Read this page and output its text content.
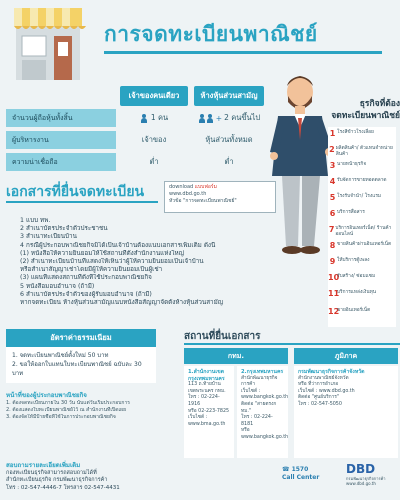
การจดทะเบียนพาณิชย์
เจ้าของคนเดียว	ห้างหุ้นส่วนสามัญ
จำนวนผู้ถือหุ้นทั้งสิ้น	1 คน	+ 2 คนขึ้นไป
ผู้บริหารงาน	เจ้าของ	หุ้นส่วนทั้งหมด
ความน่าเชื่อถือ	ต่ำ	ต่ำ
ธุรกิจที่ต้อง
จดทะเบียนพาณิชย์
1 โรงสีข้าวโรงเลื่อย
2 ผลิตสินค้า/ ตัวแทนจำหน่ายสินค้า
3 นายหน้าธุรกิจ
4 รับจัดการขายทอดตลาด
5 โรงรับจำนำ/ โรงแรม
6 บริการสื่อสาร
7 บริการอินเทอร์เน็ต/ ร้านค้าออนไลน์
8 ขายสินค้าผ่านอินเทอร์เน็ต
9 ให้บริการตู้เพลง
10
รับสร้าง/ ซ่อมแซม
11
บริการแหล่งเงินทุน
12
ขายอินเทอร์เน็ต
เอกสารที่ยื่นจดทะเบียน	download แบบฟอร์ม
www.dbd.go.th
หัวข้อ "การจดทะเบียนพาณิชย์"
1 แบบ ทพ.
2 สำเนาบัตรประจำตัวประชาชน
3 สำเนาทะเบียนบ้าน
4 กรณีผู้ประกอบพาณิชยกิจมิได้เป็นเจ้าบ้านต้องแนบเอกสารเพิ่มเติม ดังนี้
(1) หนังสือให้ความยินยอมให้ใช้สถานที่ตั้งสำนักงานแห่งใหญ่
(2) สำเนาทะเบียนบ้านที่แสดงให้เห็นว่าผู้ให้ความยินยอมเป็นเจ้าบ้าน
หรือสำเนาสัญญาเช่าโดยมีผู้ให้ความยินยอมเป็นผู้เช่า
(3) แผนที่แสดงสถานที่ตั้งที่ใช้ประกอบพาณิชยกิจ
5 หนังสือมอบอำนาจ (ถ้ามี)
6 สำเนาบัตรประจำตัวของผู้รับมอบอำนาจ (ถ้ามี)
หากจดทะเบียน ห้างหุ้นส่วนสามัญแนบหนังสือสัญญาจัดตั้งห้างหุ้นส่วนสามัญ
อัตราค่าธรรมเนียม
1. จดทะเบียนพาณิชย์ตั้งใหม่ 50 บาท
2. ขอให้ออกใบแทนใบทะเบียนพาณิชย์ ฉบับละ 30 บาท
หน้าที่ของผู้ประกอบพาณิชยกิจ
1. ต้องจดทะเบียนภายใน 30 วัน นับแต่วันเริ่มประกอบการ
2. ต้องแสดงใบทะเบียนพาณิชย์ไว้ ณ สำนักงานที่เปิดเผย
3. ต้องจัดให้มีป้ายชื่อที่ใช้ในการประกอบพาณิชยกิจ
สถานที่ยื่นเอกสาร
กทม.	ภูมิภาค
1.สำนักงานเขต กรุงเทพมหานคร
113 ถ.ท้ายบ้าน
เขตพระนคร กทม.
โทร : 02-224-1916
หรือ 02-223-7825
เว็บไซต์ : www.bma.go.th
2.กรุงเทพมหานคร
สำนักพัฒนาธุรกิจการค้า
เว็บไซต์ : www.bangkok.go.th
ติดต่อ "สายตรงกทม."
โทร : 02-224-8181
หรือ www.bangkok.go.th
กรมพัฒนาธุรกิจการค้าจังหวัด
สำนักงานพาณิชย์จังหวัด
หรือ ที่ว่าการอำเภอ
เว็บไซต์ : www.dbd.go.th
ติดต่อ "ศูนย์บริการ"
โทร : 02-547-5050
สอบถามรายละเอียดเพิ่มเติม
กองทะเบียนธุรกิจสามารถสอบถามได้ที่
สำนักทะเบียนธุรกิจ กรมพัฒนาธุรกิจการค้า
โทร : 02-547-4446-7 โทรสาร 02-547-4431
☎ 1570
Call Center
DBD
กรมพัฒนาธุรกิจการค้า
www.dbd.go.th
